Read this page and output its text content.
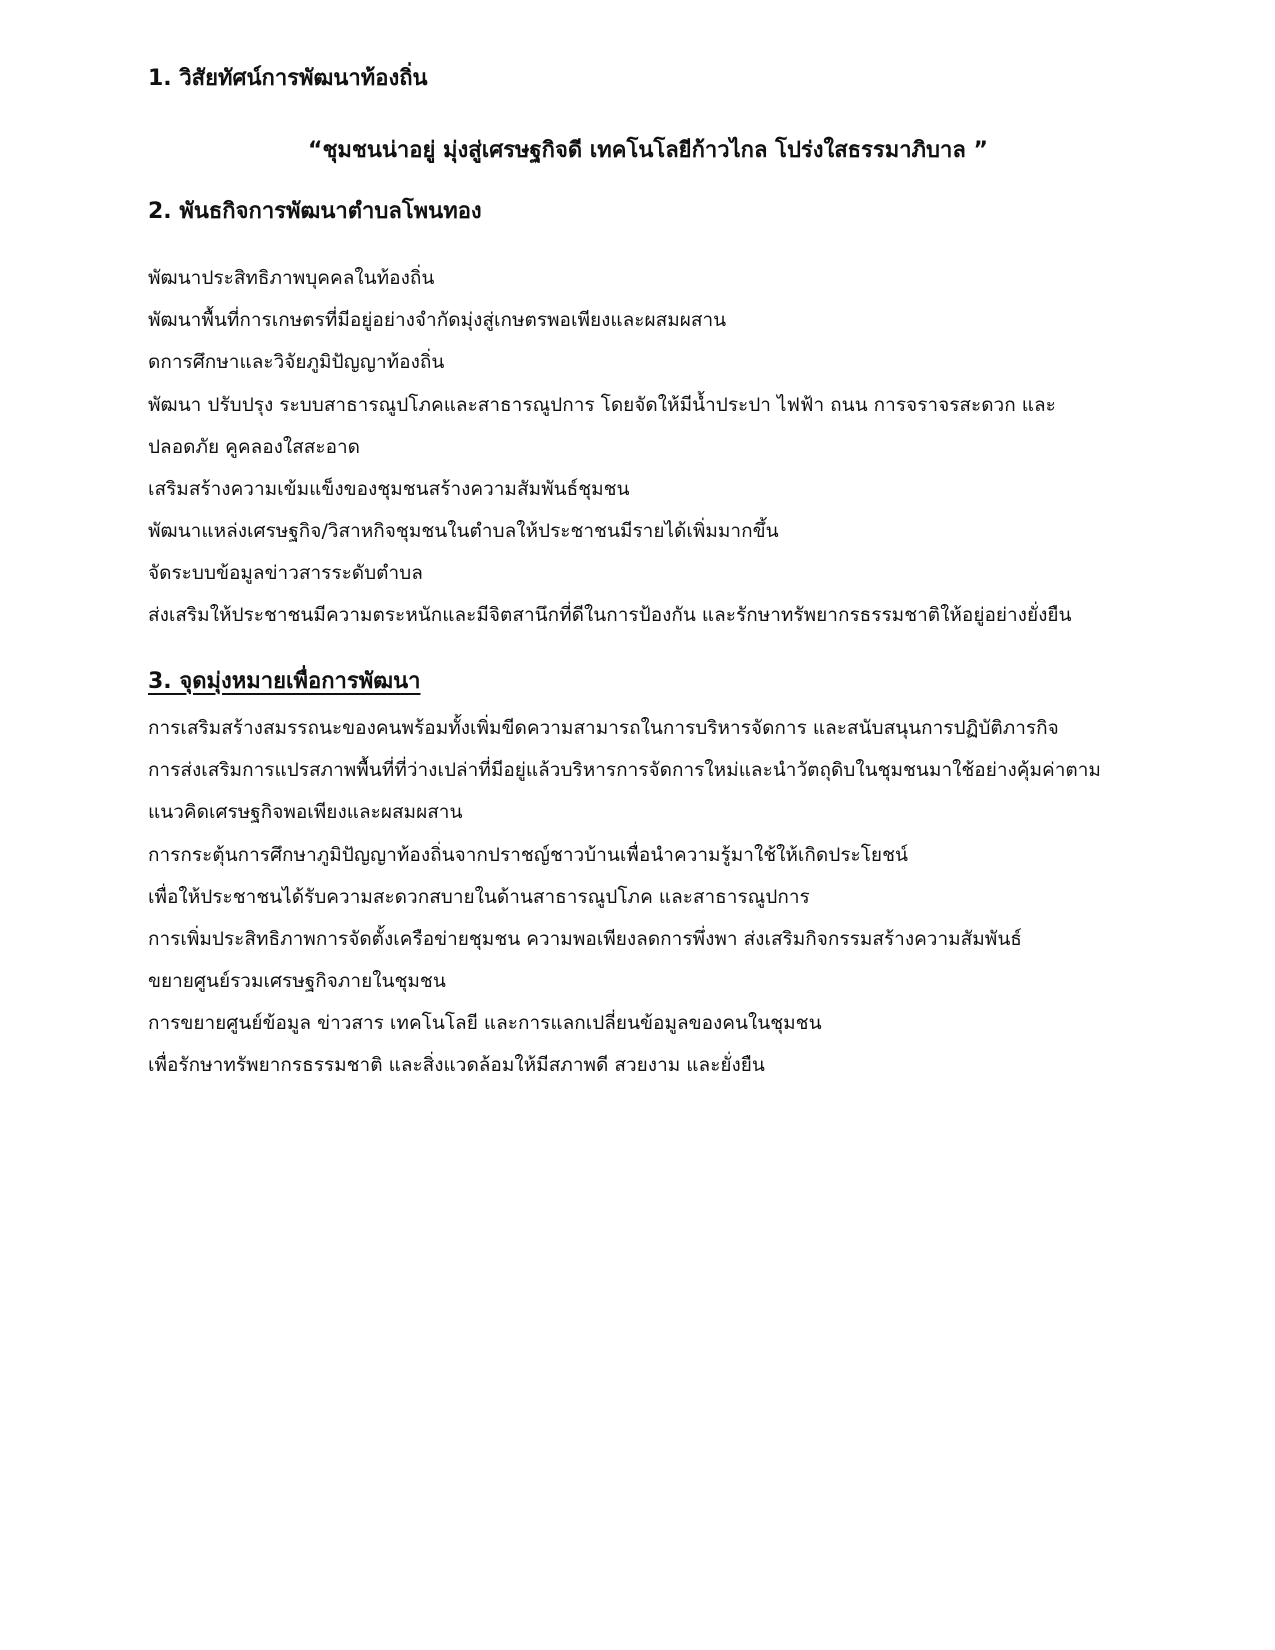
1. วิสัยทัศน์การพัฒนาท้องถิ่น
“ชุมชนน่าอยู่ มุ่งสู่เศรษฐกิจดี เทคโนโลยีก้าวไกล โปร่งใสธรรมาภิบาล ”
2. พันธกิจการพัฒนาตำบลโพนทอง
พัฒนาประสิทธิภาพบุคคลในท้องถิ่น
พัฒนาพื้นที่การเกษตรที่มีอยู่อย่างจำกัดมุ่งสู่เกษตรพอเพียงและผสมผสาน
ดการศึกษาและวิจัยภูมิปัญญาท้องถิ่น
พัฒนา ปรับปรุง ระบบสาธารณูปโภคและสาธารณูปการ โดยจัดให้มีน้ำประปา ไฟฟ้า ถนน การจราจรสะดวก และ
ปลอดภัย คูคลองใสสะอาด
เสริมสร้างความเข้มแข็งของชุมชนสร้างความสัมพันธ์ชุมชน
พัฒนาแหล่งเศรษฐกิจ/วิสาหกิจชุมชนในตำบลให้ประชาชนมีรายได้เพิ่มมากขึ้น
จัดระบบข้อมูลข่าวสารระดับตำบล
ส่งเสริมให้ประชาชนมีความตระหนักและมีจิตสานึกที่ดีในการป้องกัน และรักษาทรัพยากรธรรมชาติให้อยู่อย่างยั่งยืน
3. จุดมุ่งหมายเพื่อการพัฒนา
การเสริมสร้างสมรรถนะของคนพร้อมทั้งเพิ่มขีดความสามารถในการบริหารจัดการ และสนับสนุนการปฏิบัติภารกิจ
การส่งเสริมการแปรสภาพพื้นที่ที่ว่างเปล่าที่มีอยู่แล้วบริหารการจัดการใหม่และนำวัตถุดิบในชุมชนมาใช้อย่างคุ้มค่าตาม
แนวคิดเศรษฐกิจพอเพียงและผสมผสาน
การกระตุ้นการศึกษาภูมิปัญญาท้องถิ่นจากปราชญ์ชาวบ้านเพื่อนำความรู้มาใช้ให้เกิดประโยชน์
เพื่อให้ประชาชนได้รับความสะดวกสบายในด้านสาธารณูปโภค และสาธารณูปการ
การเพิ่มประสิทธิภาพการจัดตั้งเครือข่ายชุมชน ความพอเพียงลดการพึ่งพา ส่งเสริมกิจกรรมสร้างความสัมพันธ์
ขยายศูนย์รวมเศรษฐกิจภายในชุมชน
การขยายศูนย์ข้อมูล ข่าวสาร เทคโนโลยี และการแลกเปลี่ยนข้อมูลของคนในชุมชน
เพื่อรักษาทรัพยากรธรรมชาติ และสิ่งแวดล้อมให้มีสภาพดี สวยงาม และยั่งยืน
